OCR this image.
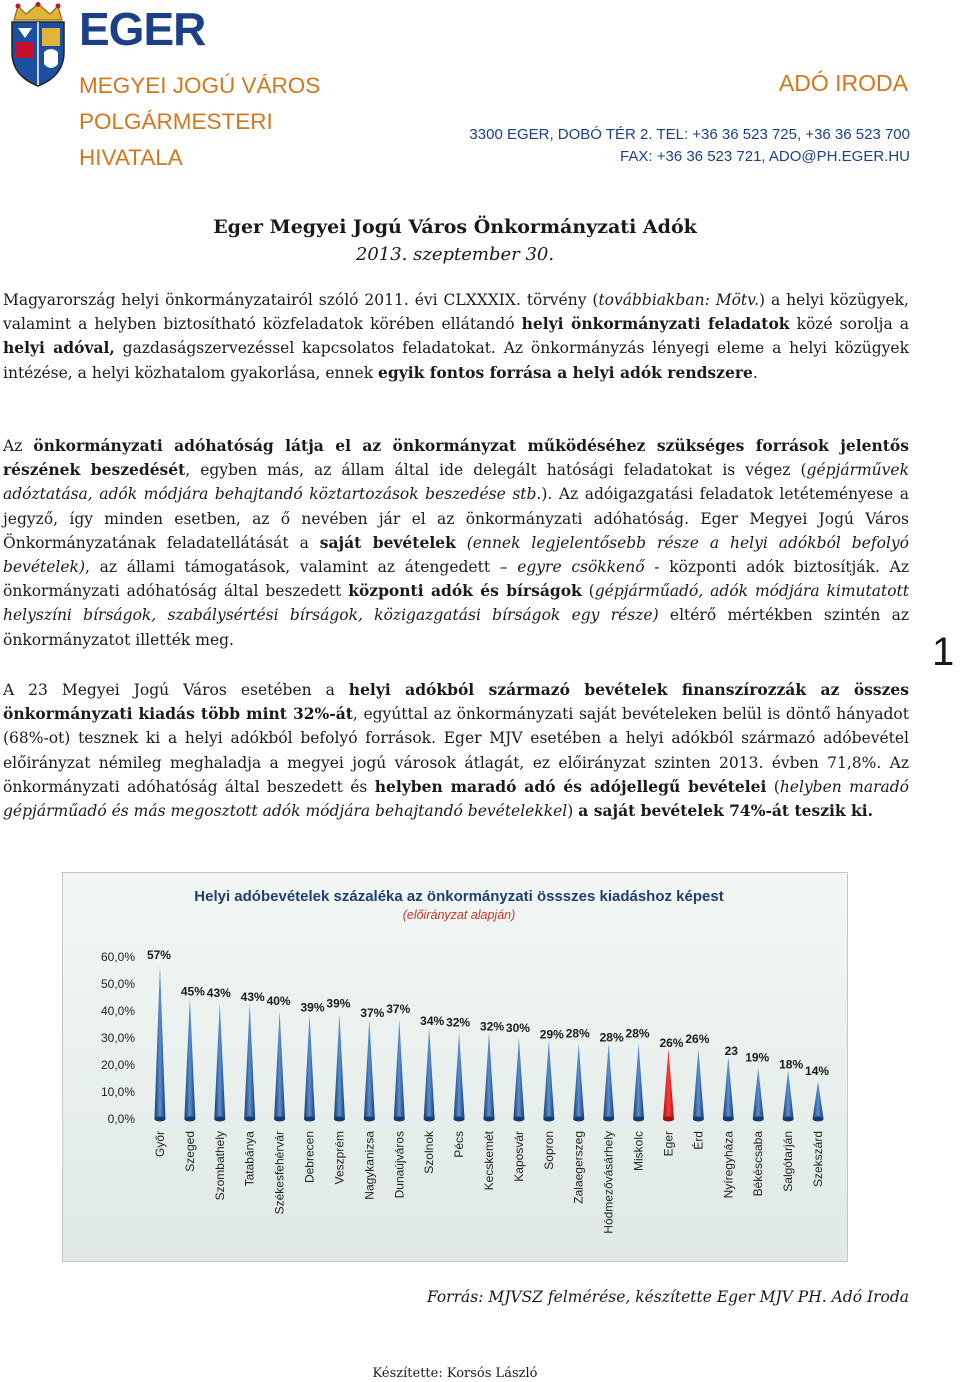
EGER
MEGYEI JOGÚ VÁROS
POLGÁRMESTERI
HIVATALA
ADÓ IRODA
3300 EGER, DOBÓ TÉR 2. TEL: +36 36 523 725, +36 36 523 700
FAX: +36 36 523 721, ADO@PH.EGER.HU
Eger Megyei Jogú Város Önkormányzati Adók
2013. szeptember 30.

Magyarország helyi önkormányzatairól szóló 2011. évi CLXXXIX. törvény (továbbiakban: Mötv.) a helyi közügyek, valamint a helyben biztosítható közfeladatok körében ellátandó helyi önkormányzati feladatok közé sorolja a helyi adóval, gazdaságszervezéssel kapcsolatos feladatokat. Az önkormányzás lényegi eleme a helyi közügyek intézése, a helyi közhatalom gyakorlása, ennek egyik fontos forrása a helyi adók rendszere.

Az önkormányzati adóhatóság látja el az önkormányzat működéséhez szükséges források jelentős részének beszedését, egyben más, az állam által ide delegált hatósági feladatokat is végez (gépjárművek adóztatása, adók módjára behajtandó köztartozások beszedése stb.). Az adóigazgatási feladatok letéteményese a jegyző, így minden esetben, az ő nevében jár el az önkormányzati adóhatóság. Eger Megyei Jogú Város Önkormányzatának feladatellátását a saját bevételek (ennek legjelentősebb része a helyi adókból befolyó bevételek), az állami támogatások, valamint az átengedett – egyre csökkenő - központi adók biztosítják. Az önkormányzati adóhatóság által beszedett központi adók és bírságok (gépjárműadó, adók módjára kimutatott helyszíni bírságok, szabálysértési bírságok, közigazgatási bírságok egy része) eltérő mértékben szintén az önkormányzatot illették meg.

A 23 Megyei Jogú Város esetében a helyi adókból származó bevételek finanszírozzák az összes önkormányzati kiadás több mint 32%-át, egyúttal az önkormányzati saját bevételeken belül is döntő hányadot (68%-ot) tesznek ki a helyi adókból befolyó források. Eger MJV esetében a helyi adókból származó adóbevétel előirányzat némileg meghaladja a megyei jogú városok átlagát, ez előirányzat szinten 2013. évben 71,8%. Az önkormányzati adóhatóság által beszedett és helyben maradó adó és adójellegű bevételei (helyben maradó gépjárműadó és más megosztott adók módjára behajtandó bevételekkel) a saját bevételek 74%-át teszik ki.

1
Helyi adóbevételek százaléka az önkormányzati össszes kiadáshoz képest
(előirányzat alapján)
0,0%
10,0%
20,0%
30,0%
40,0%
50,0%
60,0% 57%
45% 43% 43% 40% 39% 39%
37% 37%
34% 32% 32% 30% 29% 28% 28% 28%
26% 26%
23 19% 18% 14%
Győr Szeged Szombathely Tatabánya Székesfehérvár Debrecen Veszprém Nagykanizsa Dunaújváros Szolnok Pécs Kecskemét Kaposvár Sopron Zalaegerszeg Hódmezővásárhely Miskolc Eger Érd Nyíregyháza Békéscsaba Salgótarján Szekszárd
Forrás: MJVSZ felmérése, készítette Eger MJV PH. Adó Iroda
Készítette: Korsós László
